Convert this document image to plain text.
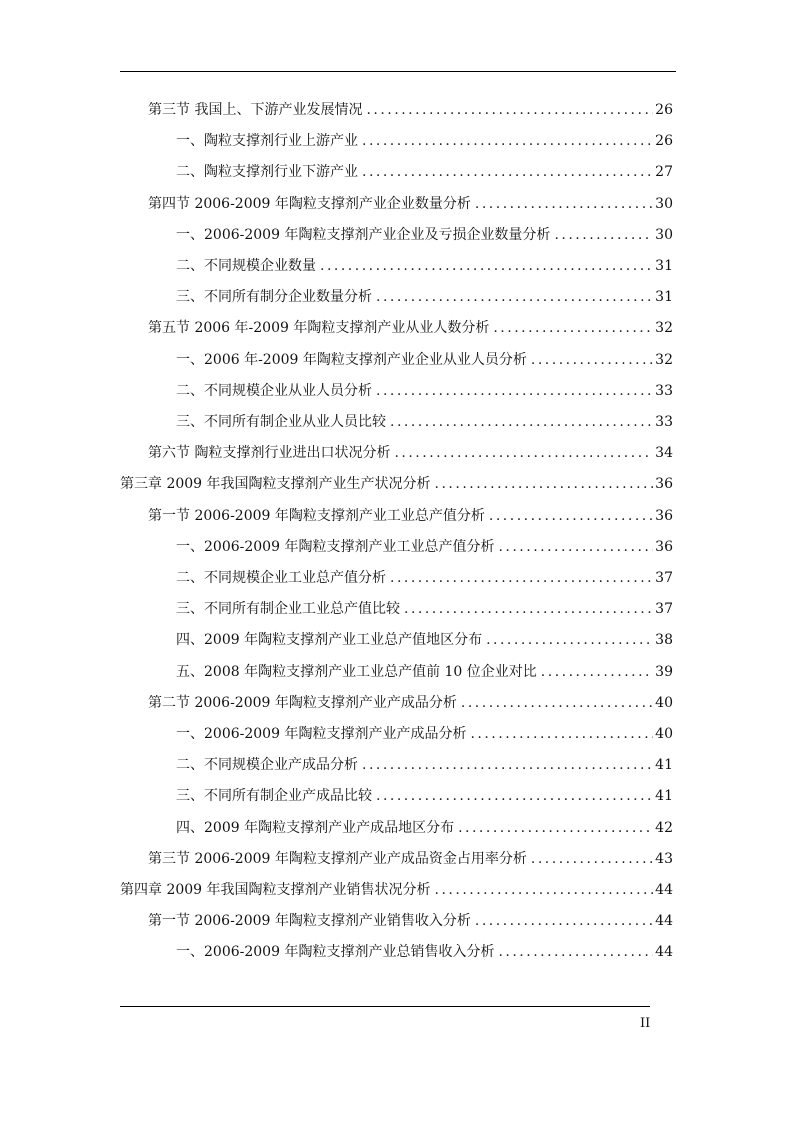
第三节 我国上、下游产业发展情况 .....	26
一、陶粒支撑剂行业上游产业 .....	26
二、陶粒支撑剂行业下游产业 .....	27
第四节 2006-2009 年陶粒支撑剂产业企业数量分析 .....	30
一、2006-2009 年陶粒支撑剂产业企业及亏损企业数量分析 .....	30
二、不同规模企业数量 .....	31
三、不同所有制分企业数量分析 .....	31
第五节 2006 年-2009 年陶粒支撑剂产业从业人数分析 .....	32
一、2006 年-2009 年陶粒支撑剂产业企业从业人员分析 .....	32
二、不同规模企业从业人员分析 .....	33
三、不同所有制企业从业人员比较 .....	33
第六节 陶粒支撑剂行业进出口状况分析 .....	34
第三章 2009 年我国陶粒支撑剂产业生产状况分析 .....	36
第一节 2006-2009 年陶粒支撑剂产业工业总产值分析 .....	36
一、2006-2009 年陶粒支撑剂产业工业总产值分析 .....	36
二、不同规模企业工业总产值分析 .....	37
三、不同所有制企业工业总产值比较 .....	37
四、2009 年陶粒支撑剂产业工业总产值地区分布 .....	38
五、2008 年陶粒支撑剂产业工业总产值前 10 位企业对比 .....	39
第二节 2006-2009 年陶粒支撑剂产业产成品分析 .....	40
一、2006-2009 年陶粒支撑剂产业产成品分析 .....	40
二、不同规模企业产成品分析 .....	41
三、不同所有制企业产成品比较 .....	41
四、2009 年陶粒支撑剂产业产成品地区分布 .....	42
第三节 2006-2009 年陶粒支撑剂产业产成品资金占用率分析 .....	43
第四章 2009 年我国陶粒支撑剂产业销售状况分析 .....	44
第一节 2006-2009 年陶粒支撑剂产业销售收入分析 .....	44
一、2006-2009 年陶粒支撑剂产业总销售收入分析 .....	44
II
